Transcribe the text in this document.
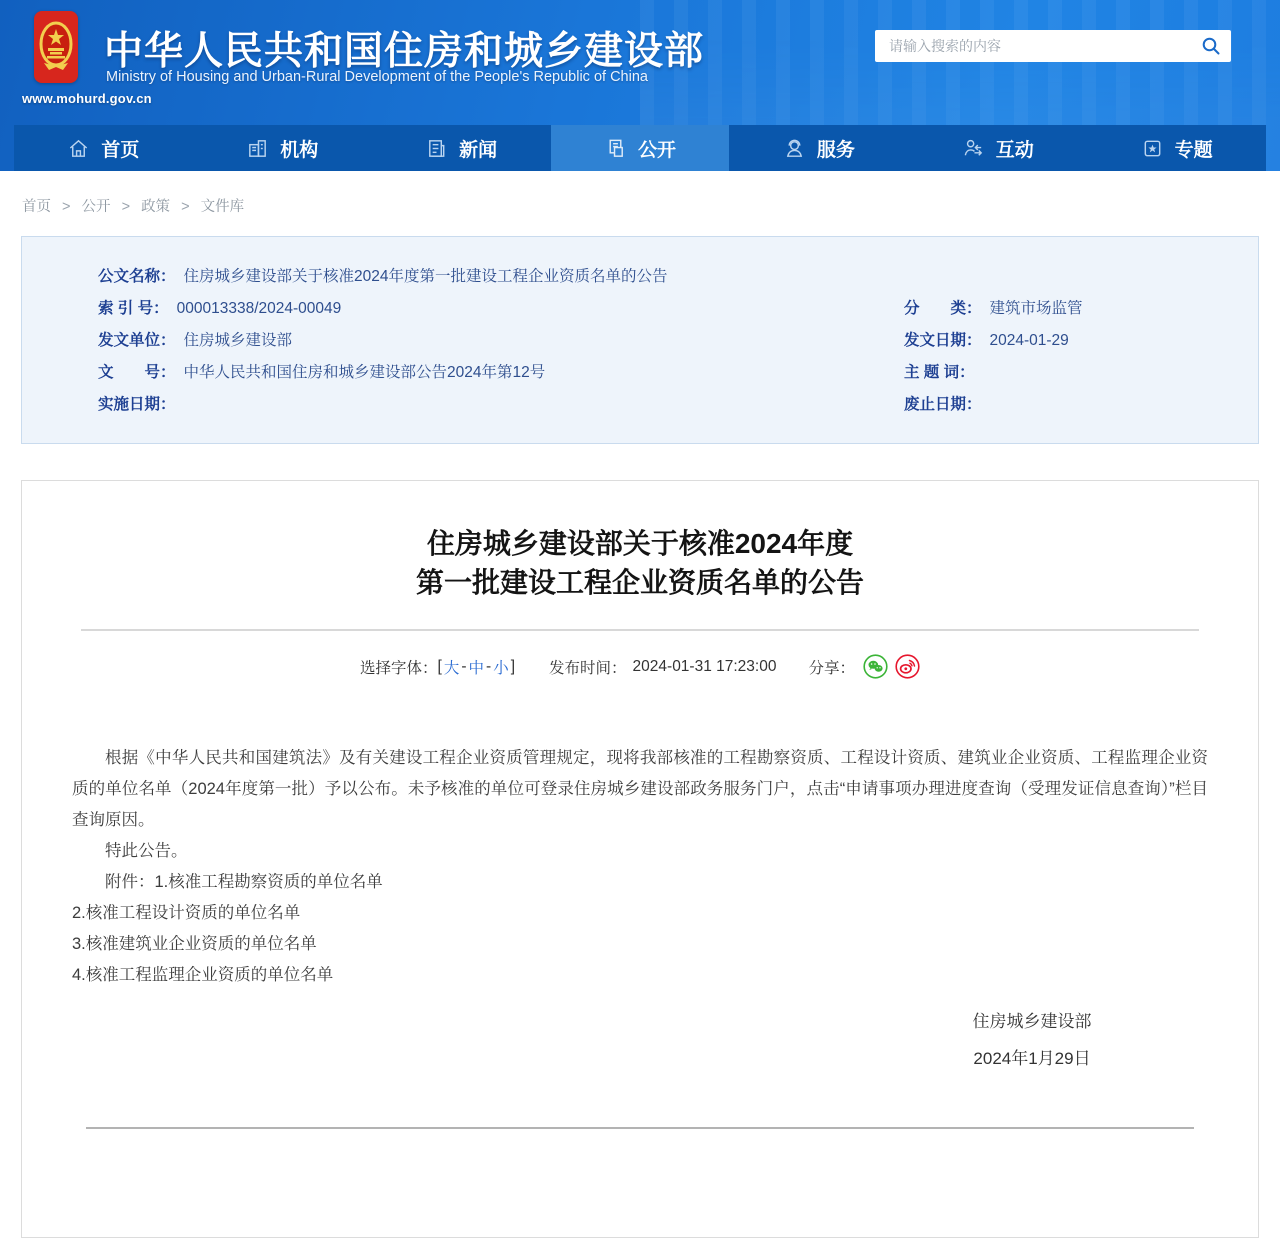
www.mohurd.gov.cn
中华人民共和国住房和城乡建设部
Ministry of Housing and Urban-Rural Development of the People's Republic of China
请输入搜索的内容
首页	机构	新闻	公开	服务	互动	专题
首页 > 公开 > 政策 > 文件库
公文名称： 住房城乡建设部关于核准2024年度第一批建设工程企业资质名单的公告
索 引 号： 000013338/2024-00049	分　　类： 建筑市场监管
发文单位： 住房城乡建设部	发文日期： 2024-01-29
文　　号： 中华人民共和国住房和城乡建设部公告2024年第12号	主 题 词：
实施日期：	废止日期：
住房城乡建设部关于核准2024年度
第一批建设工程企业资质名单的公告
选择字体： [ 大 - 中 - 小 ] 发布时间： 2024-01-31 17:23:00 分享：

根据《中华人民共和国建筑法》及有关建设工程企业资质管理规定，现将我部核准的工程勘察资质、工程设计资质、建筑业企业资质、工程监理企业资质的单位名单（2024年度第一批）予以公布。未予核准的单位可登录住房城乡建设部政务服务门户，点击“申请事项办理进度查询（受理发证信息查询）”栏目查询原因。

特此公告。

附件：1.核准工程勘察资质的单位名单

2.核准工程设计资质的单位名单

3.核准建筑业企业资质的单位名单

4.核准工程监理企业资质的单位名单

住房城乡建设部
2024年1月29日
